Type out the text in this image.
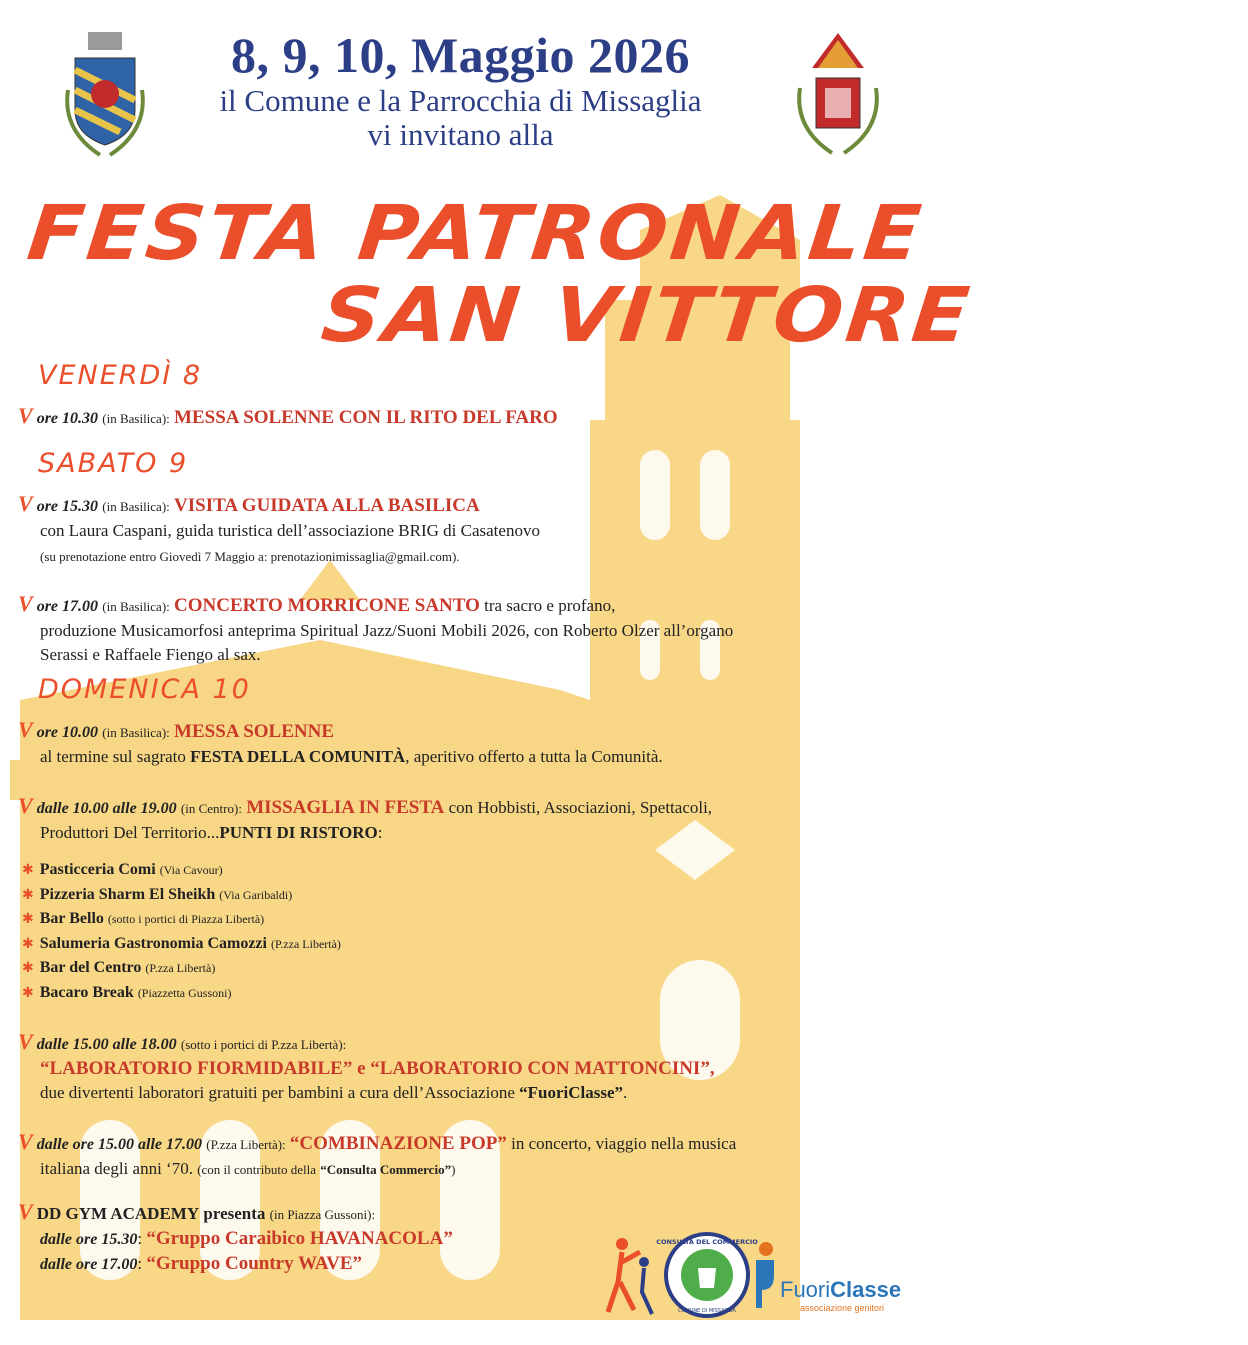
8, 9, 10, Maggio 2026
il Comune e la Parrocchia di Missaglia
vi invitano alla
FESTA PATRONALE
SAN VITTORE
VENERDÌ 8
V ore 10.30 (in Basilica): MESSA SOLENNE CON IL RITO DEL FARO
SABATO 9
V ore 15.30 (in Basilica): VISITA GUIDATA ALLA BASILICA
con Laura Caspani, guida turistica dell’associazione BRIG di Casatenovo
(su prenotazione entro Giovedì 7 Maggio a: prenotazionimissaglia@gmail.com).
V ore 17.00 (in Basilica): CONCERTO MORRICONE SANTO tra sacro e profano,
produzione Musicamorfosi anteprima Spiritual Jazz/Suoni Mobili 2026, con Roberto Olzer all’organo
Serassi e Raffaele Fiengo al sax.
DOMENICA 10
V ore 10.00 (in Basilica): MESSA SOLENNE
al termine sul sagrato FESTA DELLA COMUNITÀ, aperitivo offerto a tutta la Comunità.
V dalle 10.00 alle 19.00 (in Centro): MISSAGLIA IN FESTA con Hobbisti, Associazioni, Spettacoli,
Produttori Del Territorio...PUNTI DI RISTORO:
✱ Pasticceria Comi (Via Cavour)
✱ Pizzeria Sharm El Sheikh (Via Garibaldi)
✱ Bar Bello (sotto i portici di Piazza Libertà)
✱ Salumeria Gastronomia Camozzi (P.zza Libertà)
✱ Bar del Centro (P.zza Libertà)
✱ Bacaro Break (Piazzetta Gussoni)
V dalle 15.00 alle 18.00 (sotto i portici di P.zza Libertà):
“LABORATORIO FIORMIDABILE” e “LABORATORIO CON MATTONCINI”,
due divertenti laboratori gratuiti per bambini a cura dell’Associazione “FuoriClasse”.
V dalle ore 15.00 alle 17.00 (P.zza Libertà): “COMBINAZIONE POP” in concerto, viaggio nella musica
italiana degli anni ‘70. (con il contributo della “Consulta Commercio”)
V DD GYM ACADEMY presenta (in Piazza Gussoni):
dalle ore 15.30: “Gruppo Caraibico HAVANACOLA”
dalle ore 17.00: “Gruppo Country WAVE”
CONSULTA DEL COMMERCIO
COMUNE DI MISSAGLIA
FuoriClasse
associazione genitori
